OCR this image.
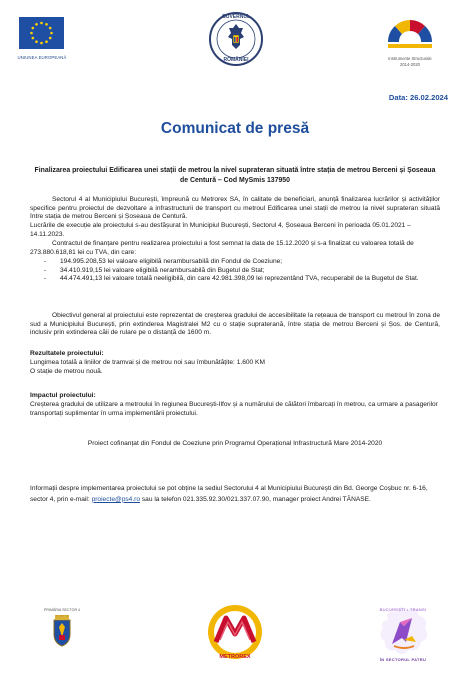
UNIUNEA EUROPEANĂ
GUVERNUL
ROMÂNIEI	Instrumente Structurale
2014-2020
Data: 26.02.2024
Comunicat de presă
Finalizarea proiectului Edificarea unei stații de metrou la nivel suprateran situată între stația de metrou Berceni și Șoseaua de Centură – Cod MySmis 137950
Sectorul 4 al Municipiului București, împreună cu Metrorex SA, în calitate de beneficiari, anunță finalizarea lucrărilor și activităților specifice pentru proiectul de dezvoltare a infrastructurii de transport cu metroul Edificarea unei stații de metrou la nivel suprateran situată între stația de metrou Berceni și Șoseaua de Centură.
Lucrările de execuție ale proiectului s-au desfășurat în Municipiul București, Sectorul 4, Șoseaua Berceni în perioada 05.01.2021 – 14.11.2023.
Contractul de finanțare pentru realizarea proiectului a fost semnat la data de 15.12.2020 și s-a finalizat cu valoarea totală de 273.880.618,81 lei cu TVA, din care:
- 194.995.208,53 lei valoare eligibilă nerambursabilă din Fondul de Coeziune;
- 34.410.919,15 lei valoare eligibilă nerambursabilă din Bugetul de Stat;
- 44.474.491,13 lei valoare totală neeligibilă, din care 42.981.398,09 lei reprezentând TVA, recuperabil de la Bugetul de Stat.
Obiectivul general al proiectului este reprezentat de creșterea gradului de accesibilitate la rețeaua de transport cu metroul în zona de sud a Municipiului București, prin extinderea Magistralei M2 cu o stație supraterană, între stația de metrou Berceni și Șos. de Centură, inclusiv prin extinderea căii de rulare pe o distanță de 1600 m.
Rezultatele proiectului:
Lungimea totală a liniilor de tramvai și de metrou noi sau îmbunătățite: 1.600 KM
O stație de metrou nouă.
Impactul proiectului:
Creșterea gradului de utilizare a metroului în regiunea București-Ilfov și a numărului de călători îmbarcați în metrou, ca urmare a pasagerilor transportați suplimentar în urma implementării proiectului.
Proiect cofinanțat din Fondul de Coeziune prin Programul Operațional Infrastructură Mare 2014-2020
Informații despre implementarea proiectului se pot obține la sediul Sectorului 4 al Municipiului București din Bd. George Coșbuc nr. 6-16, sector 4, prin e-mail: proiecte@ps4.ro sau la telefon 021.335.92.30/021.337.07.90, manager proiect Andrei TĂNASE.
PRIMĂRIA SECTOR 4
METROREX
BUCUREȘTI • TRANSI
ÎN SECTORUL PATRU
